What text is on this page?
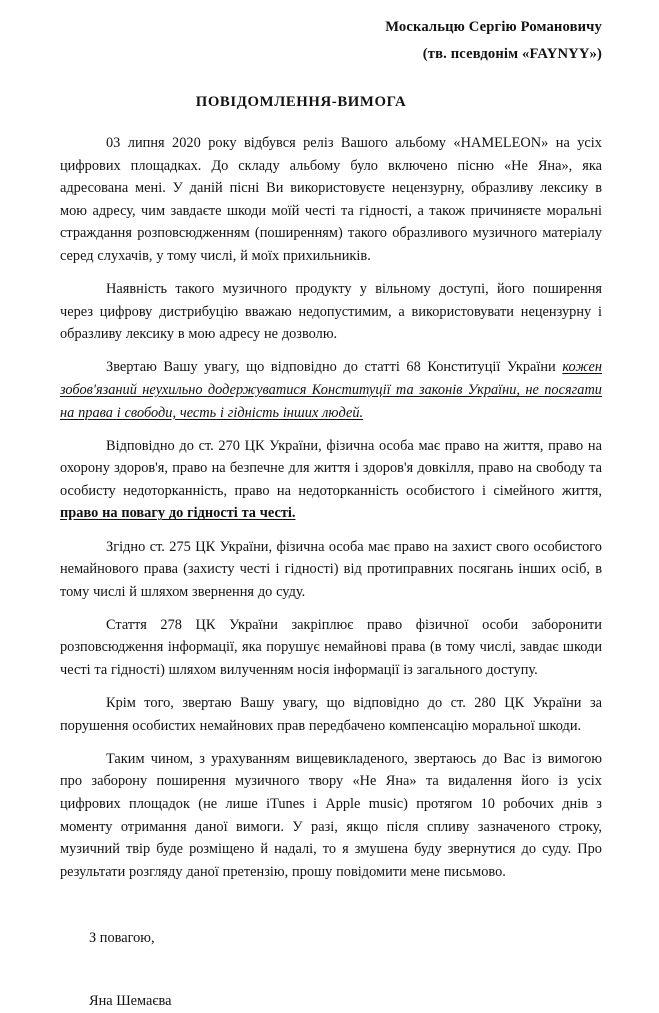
Москальцю Сергію Романовичу
(тв. псевдонім «FAYNYY»)
ПОВІДОМЛЕННЯ-ВИМОГА

03 липня 2020 року відбувся реліз Вашого альбому «HAMELEON» на усіх цифрових площадках. До складу альбому було включено пісню «Не Яна», яка адресована мені. У даній пісні Ви використовуєте нецензурну, образливу лексику в мою адресу, чим завдаєте шкоди моїй честі та гідності, а також причиняєте моральні страждання розповсюдженням (поширенням) такого образливого музичного матеріалу серед слухачів, у тому числі, й моїх прихильників.

Наявність такого музичного продукту у вільному доступі, його поширення через цифрову дистрибуцію вважаю недопустимим, а використовувати нецензурну і образливу лексику в мою адресу не дозволю.

Звертаю Вашу увагу, що відповідно до статті 68 Конституції України кожен зобов'язаний неухильно додержуватися Конституції та законів України, не посягати на права і свободи, честь і гідність інших людей.

Відповідно до ст. 270 ЦК України, фізична особа має право на життя, право на охорону здоров'я, право на безпечне для життя і здоров'я довкілля, право на свободу та особисту недоторканність, право на недоторканність особистого і сімейного життя, право на повагу до гідності та честі.

Згідно ст. 275 ЦК України, фізична особа має право на захист свого особистого немайнового права (захисту честі і гідності) від протиправних посягань інших осіб, в тому числі й шляхом звернення до суду.

Стаття 278 ЦК України закріплює право фізичної особи заборонити розповсюдження інформації, яка порушує немайнові права (в тому числі, завдає шкоди честі та гідності) шляхом вилученням носія інформації із загального доступу.

Крім того, звертаю Вашу увагу, що відповідно до ст. 280 ЦК України за порушення особистих немайнових прав передбачено компенсацію моральної шкоди.

Таким чином, з урахуванням вищевикладеного, звертаюсь до Вас із вимогою про заборону поширення музичного твору «Не Яна» та видалення його із усіх цифрових площадок (не лише iTunes і Apple music) протягом 10 робочих днів з моменту отримання даної вимоги. У разі, якщо після спливу зазначеного строку, музичний твір буде розміщено й надалі, то я змушена буду звернутися до суду. Про результати розгляду даної претензію, прошу повідомити мене письмово.

З повагою,
Яна Шемаєва
